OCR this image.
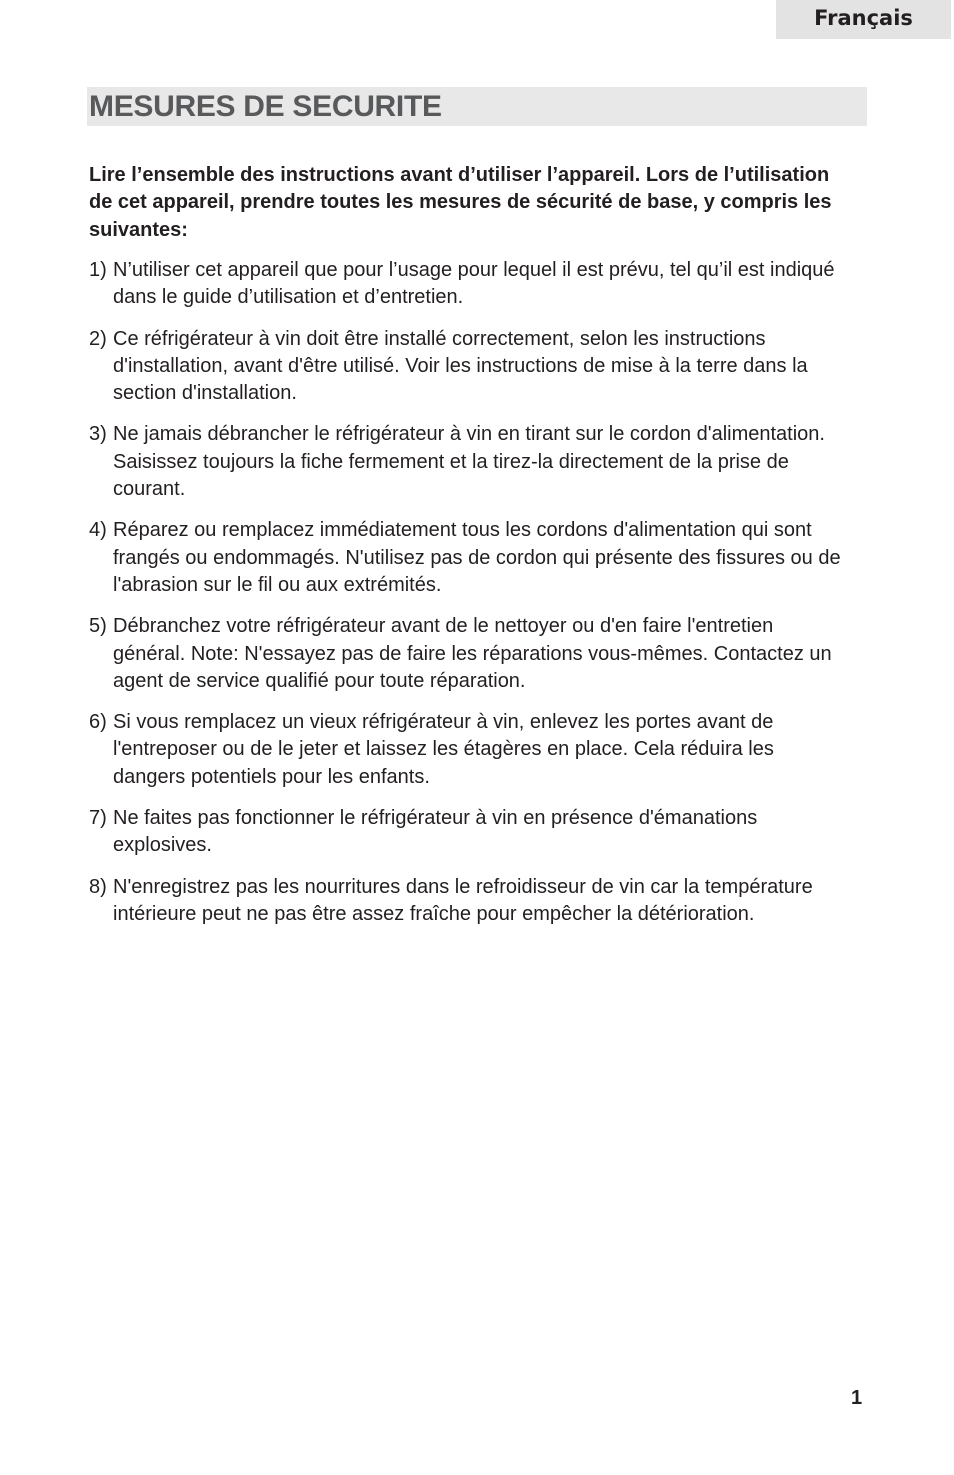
Français
MESURES DE SECURITE

Lire l’ensemble des instructions avant d’utiliser l’appareil. Lors de l’utilisation de cet appareil, prendre toutes les mesures de sécurité de base, y compris les suivantes:

1) N’utiliser cet appareil que pour l’usage pour lequel il est prévu, tel qu’il est indiqué dans le guide d’utilisation et d’entretien.
2) Ce réfrigérateur à vin doit être installé correctement, selon les instructions d'installation, avant d'être utilisé. Voir les instructions de mise à la terre dans la section d'installation.
3) Ne jamais débrancher le réfrigérateur à vin en tirant sur le cordon d'alimentation. Saisissez toujours la fiche fermement et la tirez-la directement de la prise de courant.
4) Réparez ou remplacez immédiatement tous les cordons d'alimentation qui sont frangés ou endommagés. N'utilisez pas de cordon qui présente des fissures ou de l'abrasion sur le fil ou aux extrémités.
5) Débranchez votre réfrigérateur avant de le nettoyer ou d'en faire l'entretien général. Note: N'essayez pas de faire les réparations vous-mêmes. Contactez un agent de service qualifié pour toute réparation.
6) Si vous remplacez un vieux réfrigérateur à vin, enlevez les portes avant de l'entreposer ou de le jeter et laissez les étagères en place. Cela réduira les dangers potentiels pour les enfants.
7) Ne faites pas fonctionner le réfrigérateur à vin en présence d'émanations explosives.
8) N'enregistrez pas les nourritures dans le refroidisseur de vin car la température intérieure peut ne pas être assez fraîche pour empêcher la détérioration.
1
